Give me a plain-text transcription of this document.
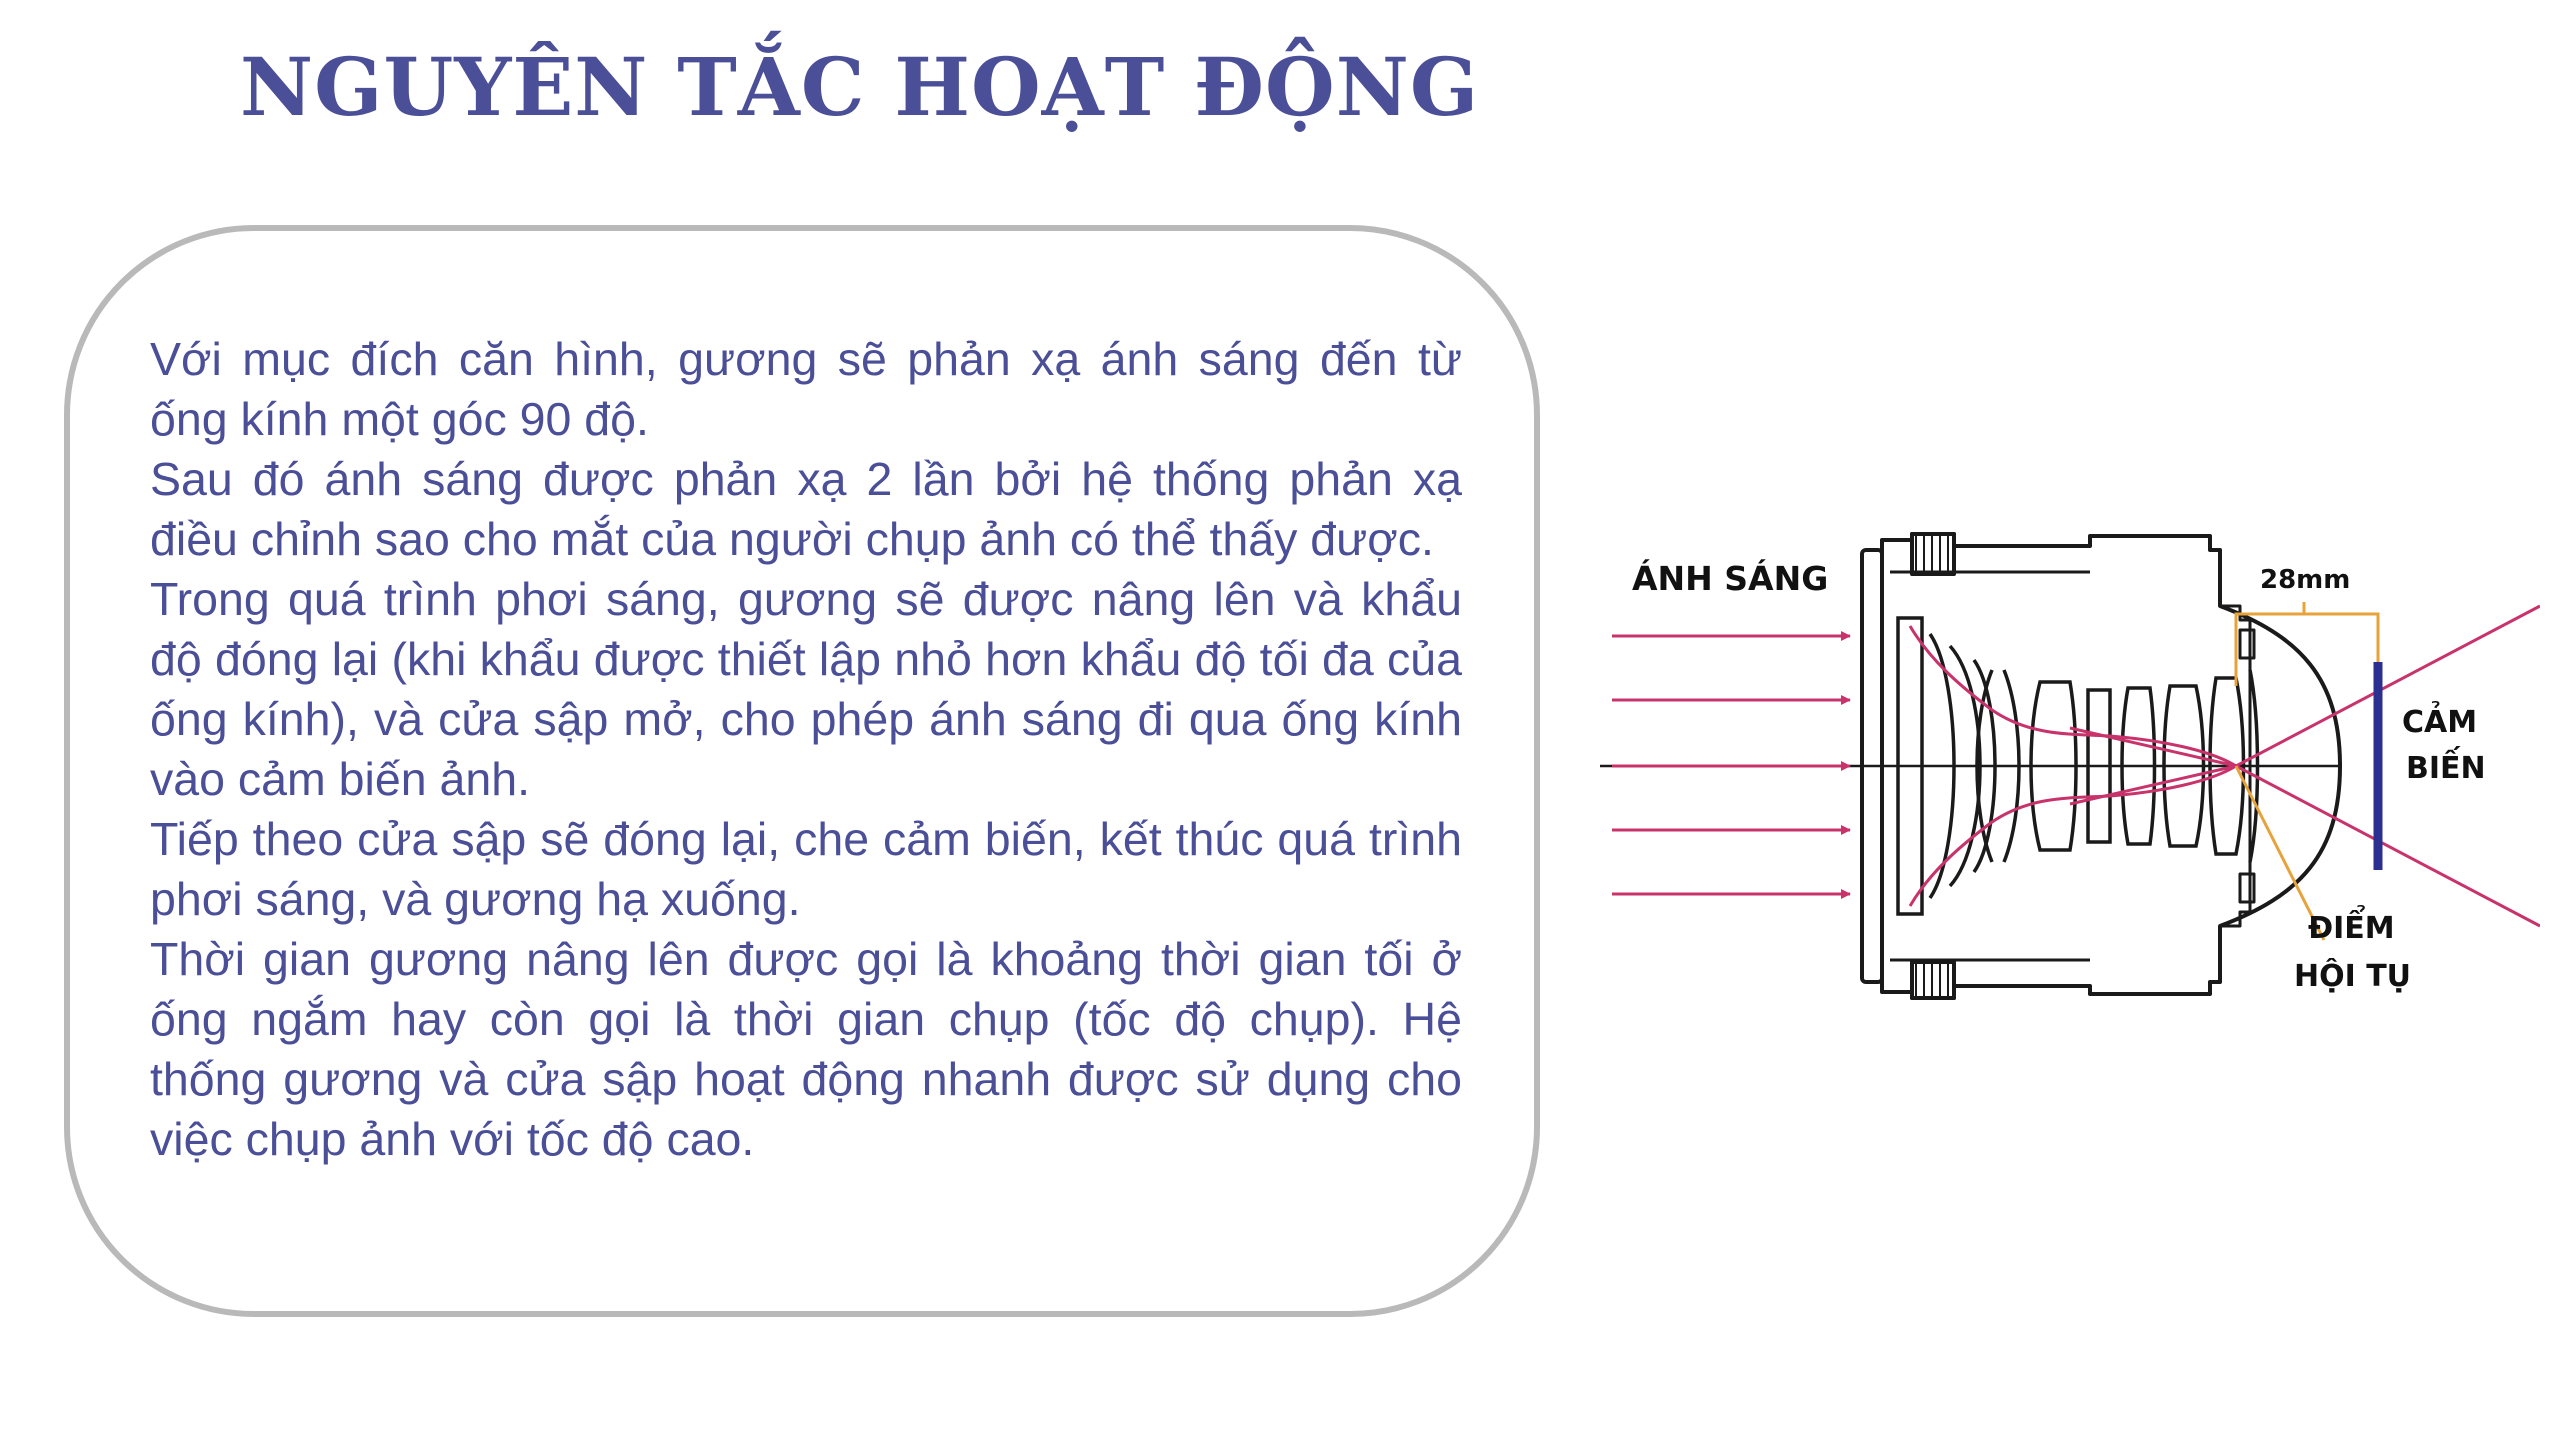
NGUYÊN TẮC HOẠT ĐỘNG

Với mục đích căn hình, gương sẽ phản xạ ánh sáng đến từ ống kính một góc 90 độ.

Sau đó ánh sáng được phản xạ 2 lần bởi hệ thống phản xạ điều chỉnh sao cho mắt của người chụp ảnh có thể thấy được.

Trong quá trình phơi sáng, gương sẽ được nâng lên và khẩu độ đóng lại (khi khẩu được thiết lập nhỏ hơn khẩu độ tối đa của ống kính), và cửa sập mở, cho phép ánh sáng đi qua ống kính vào cảm biến ảnh.

Tiếp theo cửa sập sẽ đóng lại, che cảm biến, kết thúc quá trình phơi sáng, và gương hạ xuống.

Thời gian gương nâng lên được gọi là khoảng thời gian tối ở ống ngắm hay còn gọi là thời gian chụp (tốc độ chụp). Hệ thống gương và cửa sập hoạt động nhanh được sử dụng cho việc chụp ảnh với tốc độ cao.

ÁNH SÁNG	28mm
CẢM
BIẾN
ĐIỂM
HỘI TỤ
